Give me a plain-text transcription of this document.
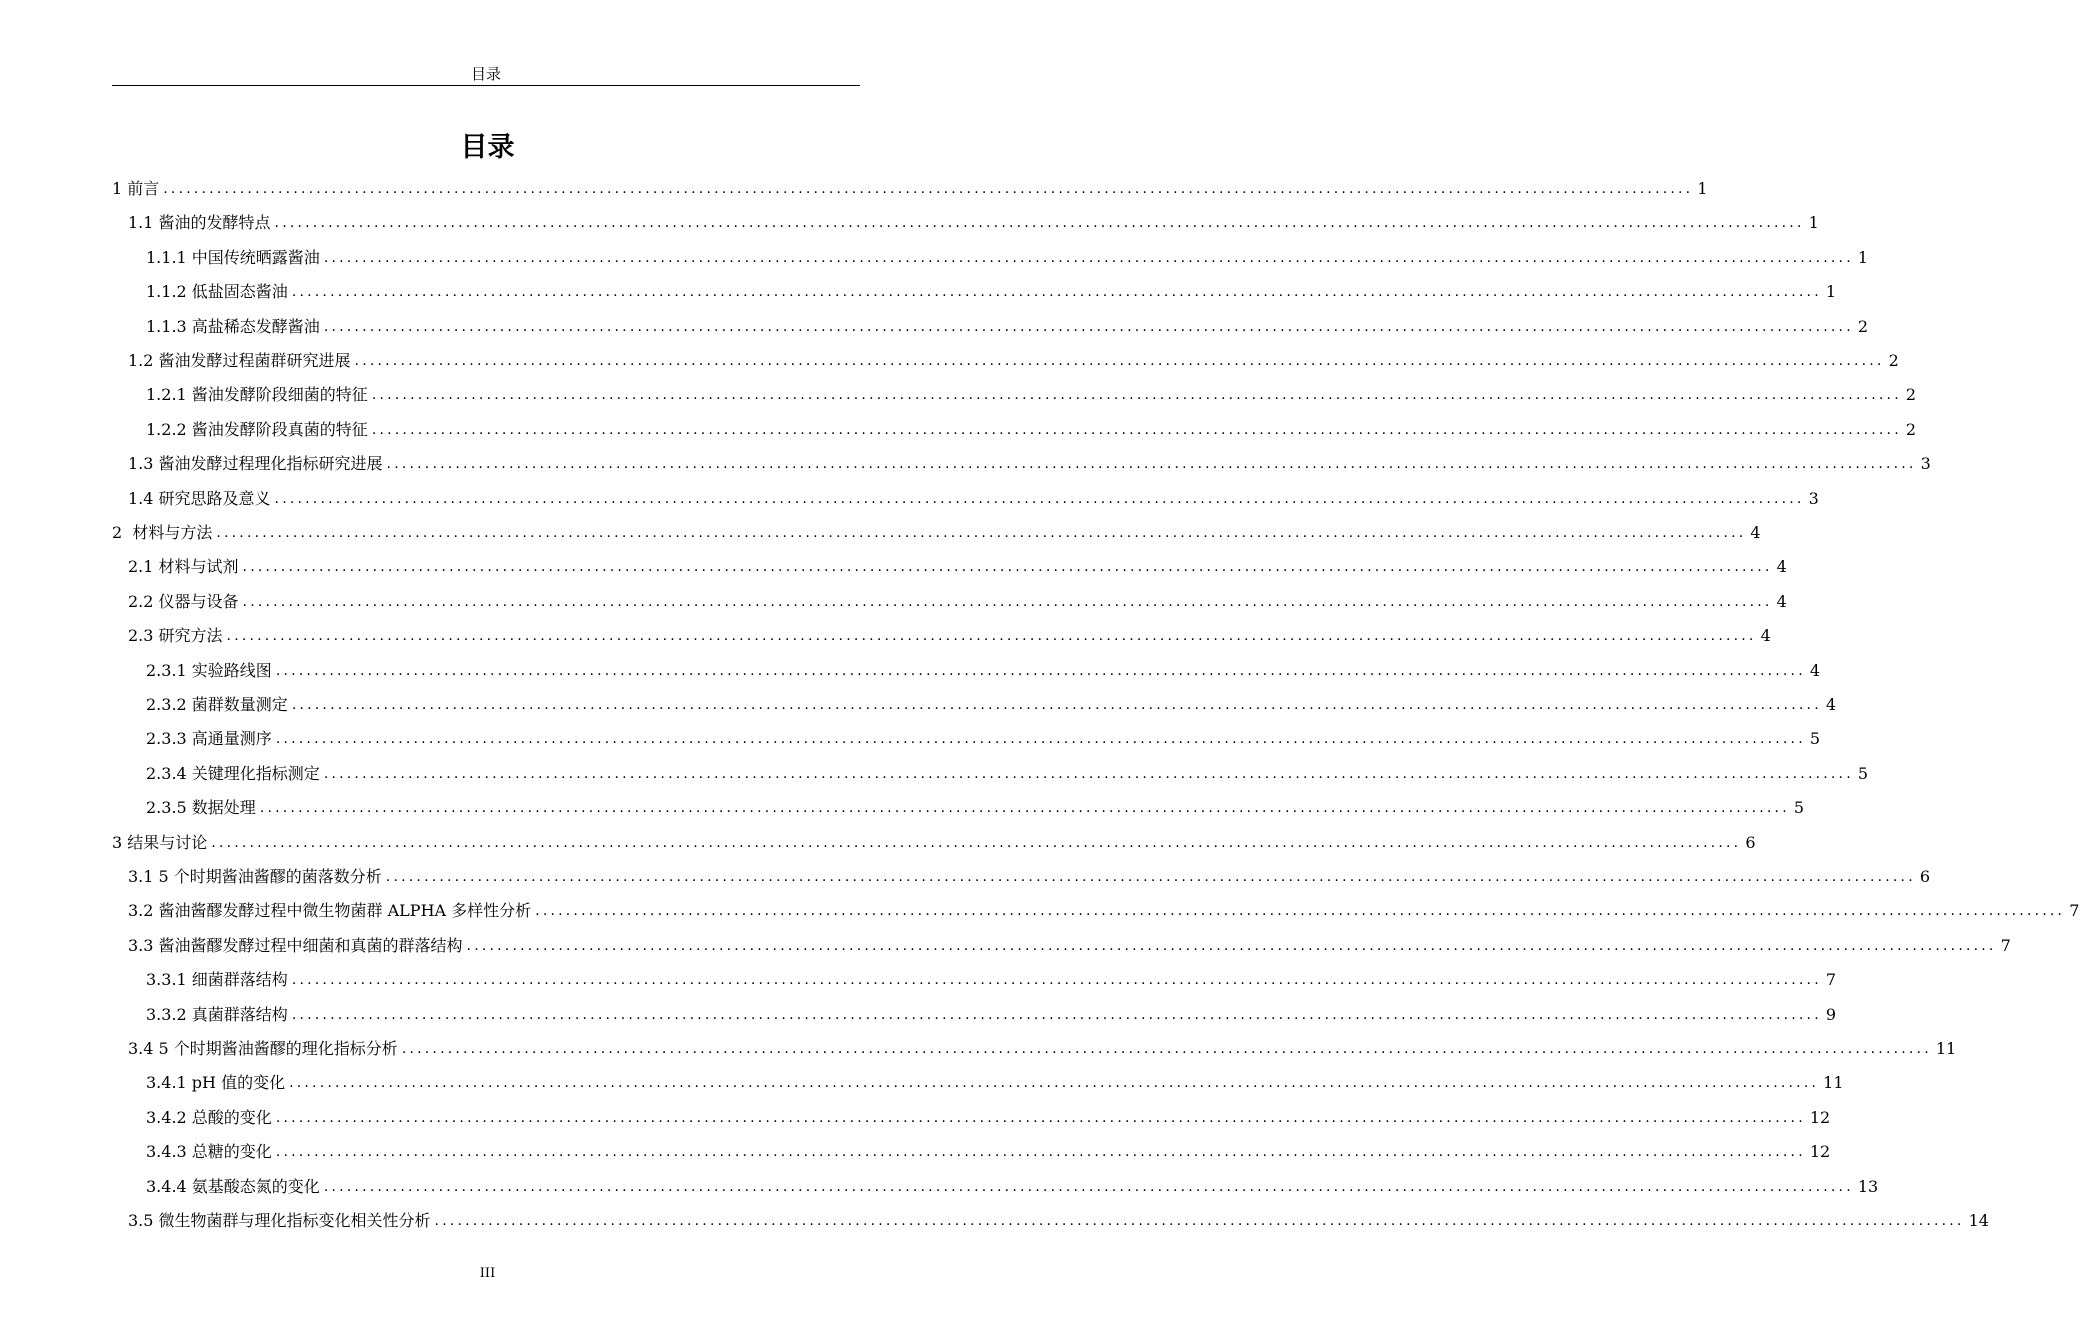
目录
目录
1 前言 ........................................................................................................................................................................................................ 1
1.1 酱油的发酵特点 ........................................................................................................................................................................................................ 1
1.1.1 中国传统晒露酱油 ........................................................................................................................................................................................................ 1
1.1.2 低盐固态酱油 ........................................................................................................................................................................................................ 1
1.1.3 高盐稀态发酵酱油 ........................................................................................................................................................................................................ 2
1.2 酱油发酵过程菌群研究进展 ........................................................................................................................................................................................................ 2
1.2.1 酱油发酵阶段细菌的特征 ........................................................................................................................................................................................................ 2
1.2.2 酱油发酵阶段真菌的特征 ........................................................................................................................................................................................................ 2
1.3 酱油发酵过程理化指标研究进展 ........................................................................................................................................................................................................ 3
1.4 研究思路及意义 ........................................................................................................................................................................................................ 3
2  材料与方法 ........................................................................................................................................................................................................ 4
2.1 材料与试剂 ........................................................................................................................................................................................................ 4
2.2 仪器与设备 ........................................................................................................................................................................................................ 4
2.3 研究方法 ........................................................................................................................................................................................................ 4
2.3.1 实验路线图 ........................................................................................................................................................................................................ 4
2.3.2 菌群数量测定 ........................................................................................................................................................................................................ 4
2.3.3 高通量测序 ........................................................................................................................................................................................................ 5
2.3.4 关键理化指标测定 ........................................................................................................................................................................................................ 5
2.3.5 数据处理 ........................................................................................................................................................................................................ 5
3 结果与讨论 ........................................................................................................................................................................................................ 6
3.1 5 个时期酱油酱醪的菌落数分析 ........................................................................................................................................................................................................ 6
3.2 酱油酱醪发酵过程中微生物菌群 ALPHA 多样性分析 ........................................................................................................................................................................................................ 7
3.3 酱油酱醪发酵过程中细菌和真菌的群落结构 ........................................................................................................................................................................................................ 7
3.3.1 细菌群落结构 ........................................................................................................................................................................................................ 7
3.3.2 真菌群落结构 ........................................................................................................................................................................................................ 9
3.4 5 个时期酱油酱醪的理化指标分析 ........................................................................................................................................................................................................ 11
3.4.1 pH 值的变化 ........................................................................................................................................................................................................ 11
3.4.2 总酸的变化 ........................................................................................................................................................................................................ 12
3.4.3 总糖的变化 ........................................................................................................................................................................................................ 12
3.4.4 氨基酸态氮的变化 ........................................................................................................................................................................................................ 13
3.5 微生物菌群与理化指标变化相关性分析 ........................................................................................................................................................................................................ 14
III
